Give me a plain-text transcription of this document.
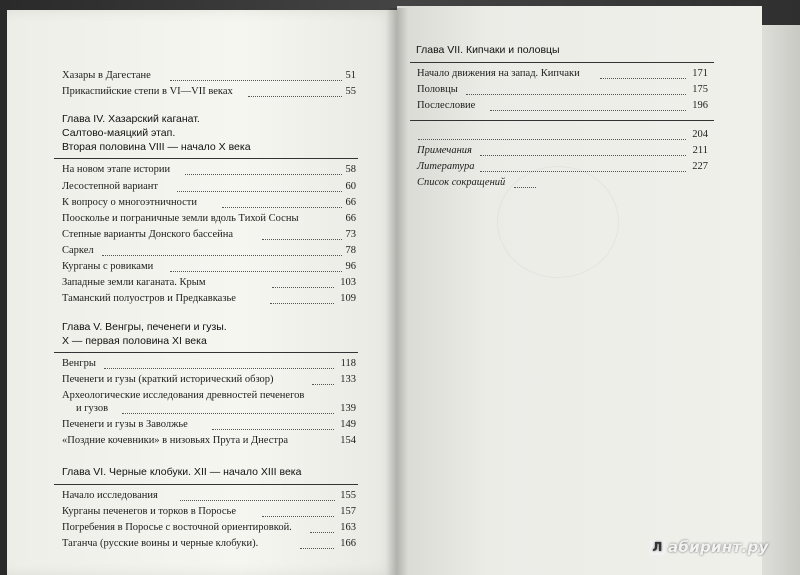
Хазары в Дагестане	51
Прикаспийские степи в VI—VII веках	55
Глава IV. Хазарский каганат.
Салтово-маяцкий этап.
Вторая половина VIII — начало X века
На новом этапе истории	58
Лесостепной вариант	60
К вопросу о многоэтничности	66
Поосколье и пограничные земли вдоль Тихой Сосны	66
Степные варианты Донского бассейна	73
Саркел	78
Курганы с ровиками	96
Западные земли каганата. Крым	103
Таманский полуостров и Предкавказье	109
Глава V. Венгры, печенеги и гузы.
X — первая половина XI века
Венгры	118
Печенеги и гузы (краткий исторический обзор)	133
Археологические исследования древностей печенегов
и гузов	139
Печенеги и гузы в Заволжье	149
«Поздние кочевники» в низовьях Прута и Днестра	154
Глава VI. Черные клобуки. XII — начало XIII века
Начало исследования	155
Курганы печенегов и торков в Поросье	157
Погребения в Поросье с восточной ориентировкой.	163
Таганча (русские воины и черные клобуки).	166
Глава VII. Кипчаки и половцы
Начало движения на запад. Кипчаки	171
Половцы	175
Послесловие	196
204
Примечания	211
Литература	227
Список сокращений
Л абиринт.ру
